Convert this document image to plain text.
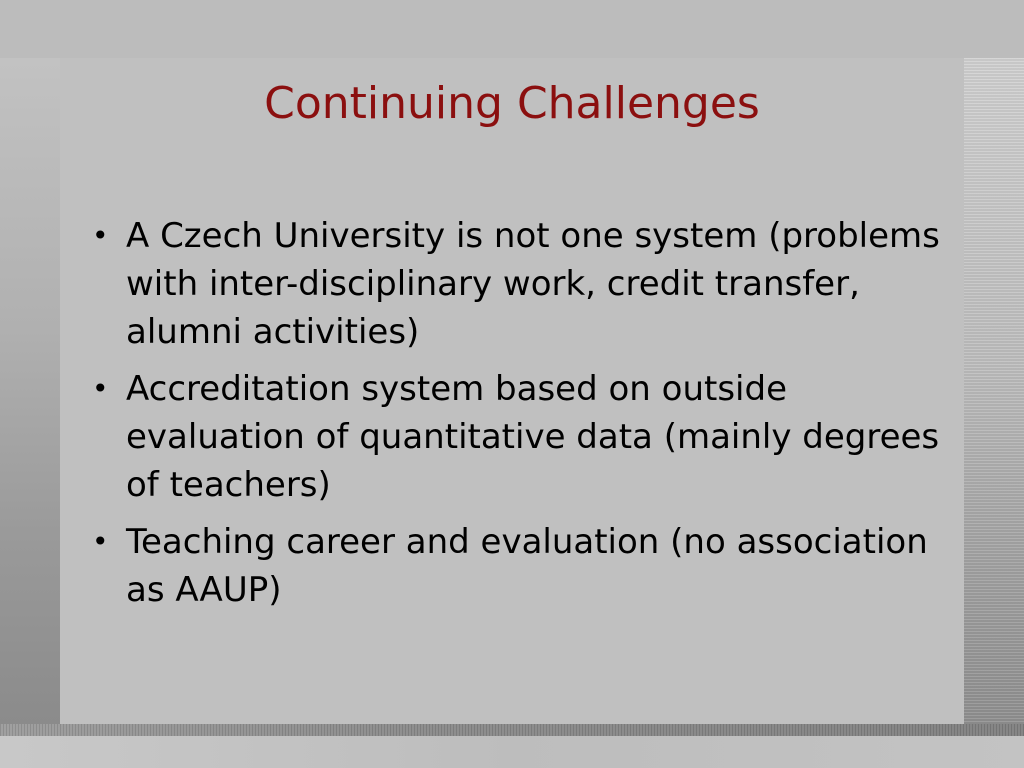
Continuing Challenges
• A Czech University is not one system (problems with inter-disciplinary work, credit transfer, alumni activities)
• Accreditation system based on outside evaluation of quantitative data (mainly degrees of teachers)
• Teaching career and evaluation (no association as AAUP)
